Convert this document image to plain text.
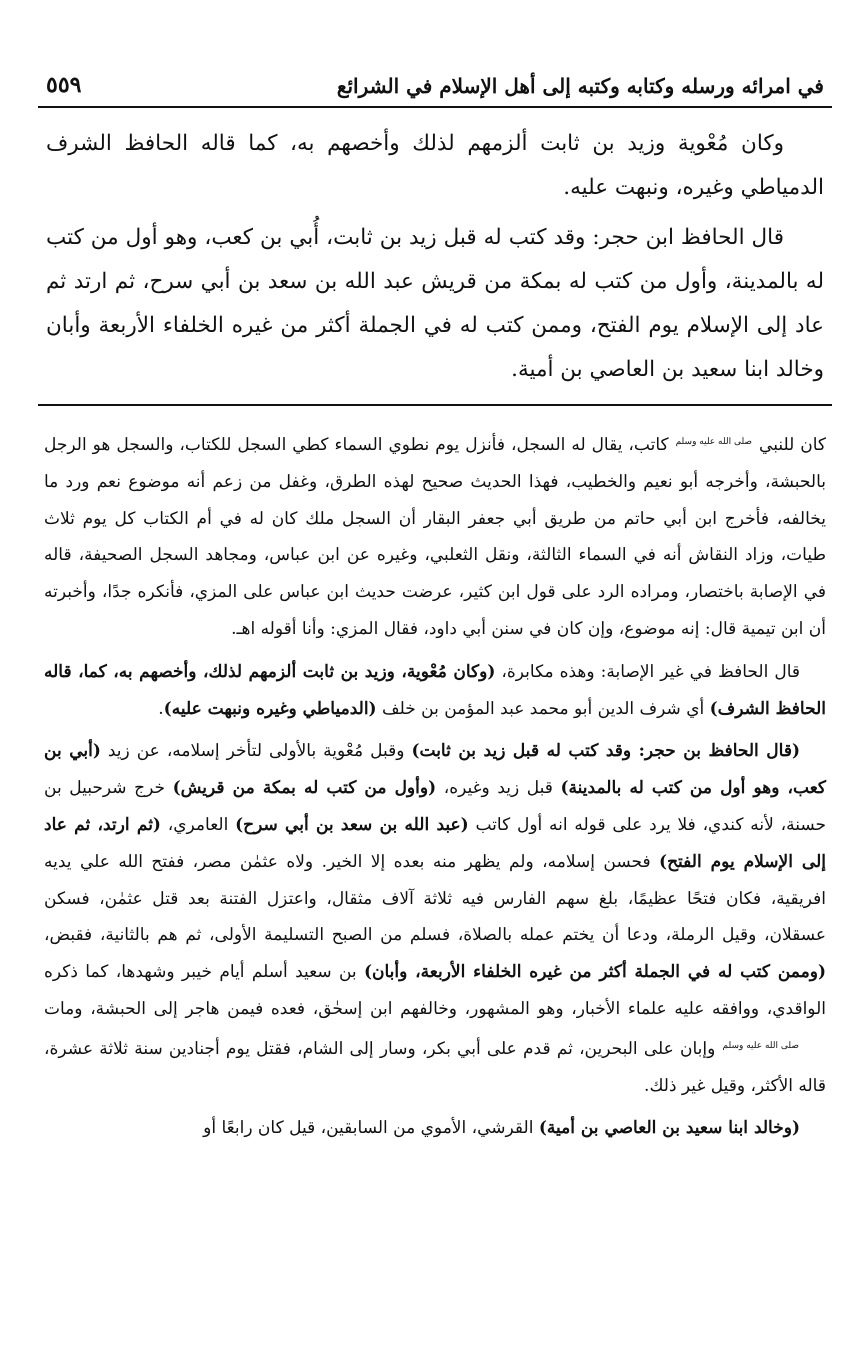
في امرائه ورسله وكتابه وكتبه إلى أهل الإسلام في الشرائع
٥٥٩

وكان مُعْوية وزيد بن ثابت ألزمهم لذلك وأخصهم به، كما قاله الحافظ الشرف الدمياطي وغيره، ونبهت عليه.

قال الحافظ ابن حجر: وقد كتب له قبل زيد بن ثابت، أُبي بن كعب، وهو أول من كتب له بالمدينة، وأول من كتب له بمكة من قريش عبد الله بن سعد بن أبي سرح، ثم ارتد ثم عاد إلى الإسلام يوم الفتح، وممن كتب له في الجملة أكثر من غيره الخلفاء الأربعة وأبان وخالد ابنا سعيد بن العاصي بن أمية.

كان للنبي صلى الله عليه وسلم كاتب، يقال له السجل، فأنزل يوم نطوي السماء كطي السجل للكتاب، والسجل هو الرجل بالحبشة، وأخرجه أبو نعيم والخطيب، فهذا الحديث صحيح لهذه الطرق، وغفل من زعم أنه موضوع نعم ورد ما يخالفه، فأخرج ابن أبي حاتم من طريق أبي جعفر البقار أن السجل ملك كان له في أم الكتاب كل يوم ثلاث طيات، وزاد النقاش أنه في السماء الثالثة، ونقل الثعلبي، وغيره عن ابن عباس، ومجاهد السجل الصحيفة، قاله في الإصابة باختصار، ومراده الرد على قول ابن كثير، عرضت حديث ابن عباس على المزي، فأنكره جدًا، وأخبرته أن ابن تيمية قال: إنه موضوع، وإن كان في سنن أبي داود، فقال المزي: وأنا أقوله اهـ.

قال الحافظ في غير الإصابة: وهذه مكابرة، (وكان مُعْوية، وزيد بن ثابت ألزمهم لذلك، وأخصهم به، كما، قاله الحافظ الشرف) أي شرف الدين أبو محمد عبد المؤمن بن خلف (الدمياطي وغيره ونبهت عليه).

(قال الحافظ بن حجر: وقد كتب له قبل زيد بن ثابت) وقبل مُعْوية بالأولى لتأخر إسلامه، عن زيد (أبي بن كعب، وهو أول من كتب له بالمدينة) قبل زيد وغيره، (وأول من كتب له بمكة من قريش) خرج شرحبيل بن حسنة، لأنه كندي، فلا يرد على قوله انه أول كاتب (عبد الله بن سعد بن أبي سرح) العامري، (ثم ارتد، ثم عاد إلى الإسلام يوم الفتح) فحسن إسلامه، ولم يظهر منه بعده إلا الخير. ولاه عثمٰن مصر، ففتح الله علي يديه افريقية، فكان فتحًا عظيمًا، بلغ سهم الفارس فيه ثلاثة آلاف مثقال، واعتزل الفتنة بعد قتل عثمٰن، فسكن عسقلان، وقيل الرملة، ودعا أن يختم عمله بالصلاة، فسلم من الصبح التسليمة الأولى، ثم هم بالثانية، فقبض، (وممن كتب له في الجملة أكثر من غيره الخلفاء الأربعة، وأبان) بن سعيد أسلم أيام خيبر وشهدها، كما ذكره الواقدي، ووافقه عليه علماء الأخبار، وهو المشهور، وخالفهم ابن إسحٰق، فعده فيمن هاجر إلى الحبشة، ومات صلى الله عليه وسلم وإبان على البحرين، ثم قدم على أبي بكر، وسار إلى الشام، فقتل يوم أجنادين سنة ثلاثة عشرة، قاله الأكثر، وقيل غير ذلك.

(وخالد ابنا سعيد بن العاصي بن أمية) القرشي، الأموي من السابقين، قيل كان رابعًا أو
